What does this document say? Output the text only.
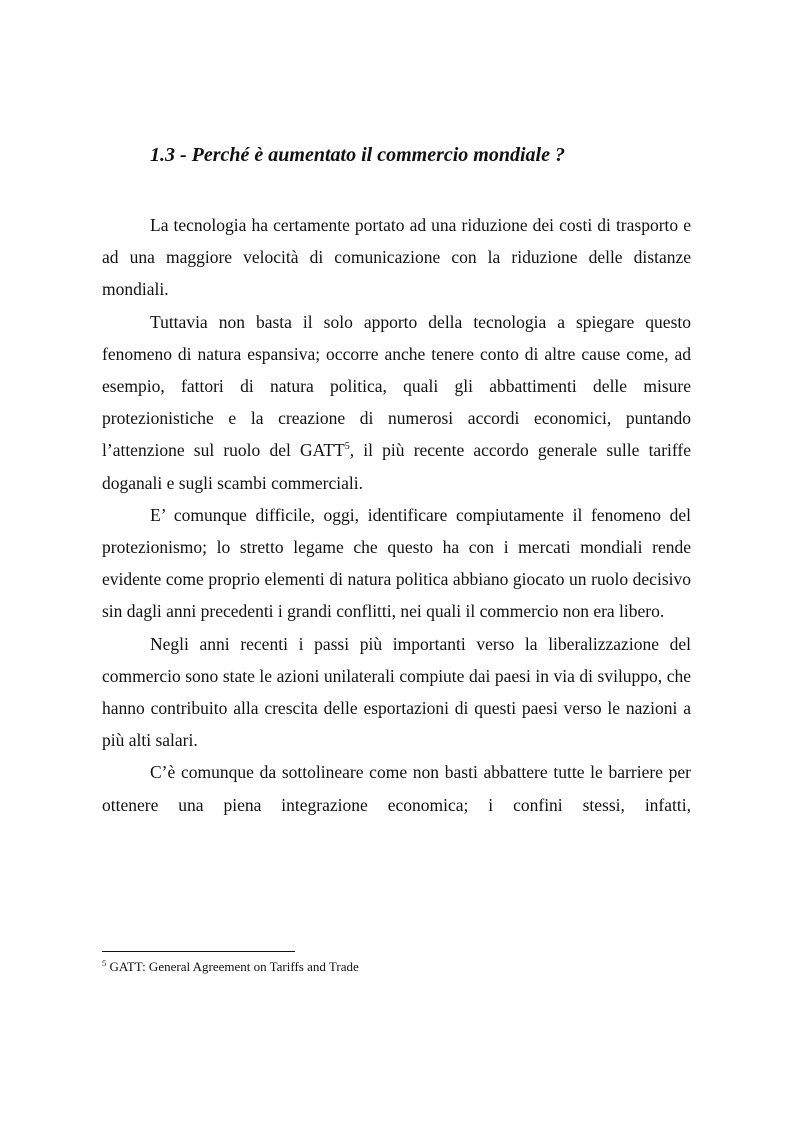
1.3 - Perché è aumentato il commercio mondiale ?

La tecnologia ha certamente portato ad una riduzione dei costi di trasporto e ad una maggiore velocità di comunicazione con la riduzione delle distanze mondiali.

Tuttavia non basta il solo apporto della tecnologia a spiegare questo fenomeno di natura espansiva; occorre anche tenere conto di altre cause come, ad esempio, fattori di natura politica, quali gli abbattimenti delle misure protezionistiche e la creazione di numerosi accordi economici, puntando l’attenzione sul ruolo del GATT$^5$, il più recente accordo generale sulle tariffe doganali e sugli scambi commerciali.

E’ comunque difficile, oggi, identificare compiutamente il fenomeno del protezionismo; lo stretto legame che questo ha con i mercati mondiali rende evidente come proprio elementi di natura politica abbiano giocato un ruolo decisivo sin dagli anni precedenti i grandi conflitti, nei quali il commercio non era libero.

Negli anni recenti i passi più importanti verso la liberalizzazione del commercio sono state le azioni unilaterali compiute dai paesi in via di sviluppo, che hanno contribuito alla crescita delle esportazioni di questi paesi verso le nazioni a più alti salari.

C’è comunque da sottolineare come non basti abbattere tutte le barriere per ottenere una piena integrazione economica; i confini stessi, infatti,

$^5$ GATT: General Agreement on Tariffs and Trade
